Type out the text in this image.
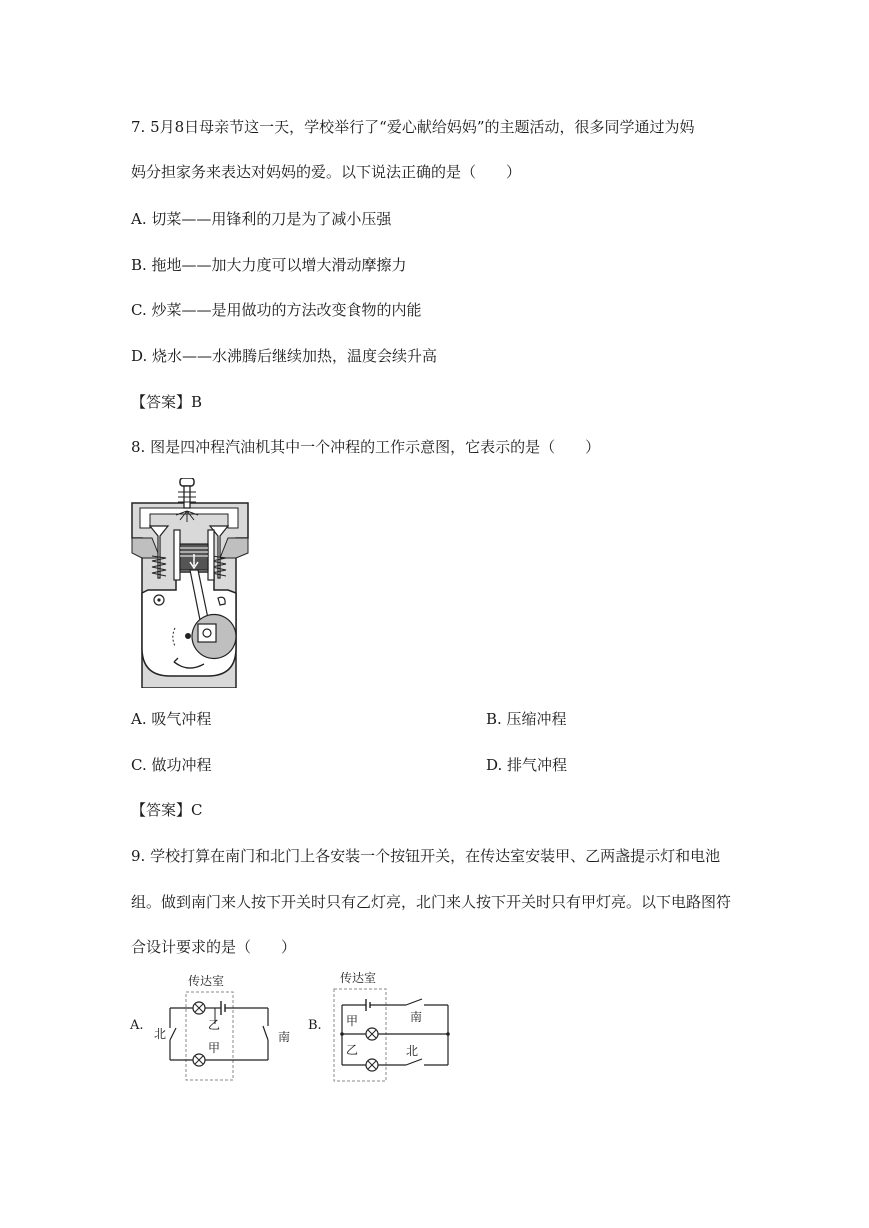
7. 5月8日母亲节这一天，学校举行了“爱心献给妈妈”的主题活动，很多同学通过为妈
妈分担家务来表达对妈妈的爱。以下说法正确的是（　　）
A. 切菜——用锋利的刀是为了减小压强
B. 拖地——加大力度可以增大滑动摩擦力
C. 炒菜——是用做功的方法改变食物的内能
D. 烧水——水沸腾后继续加热，温度会续升高
【答案】B
8. 图是四冲程汽油机其中一个冲程的工作示意图，它表示的是（　　）
A. 吸气冲程	B. 压缩冲程
C. 做功冲程	D. 排气冲程
【答案】C
9. 学校打算在南门和北门上各安装一个按钮开关，在传达室安装甲、乙两盏提示灯和电池
组。做到南门来人按下开关时只有乙灯亮，北门来人按下开关时只有甲灯亮。以下电路图符
合设计要求的是（　　）
A.
传达室
北	南
乙
甲
B.
传达室
甲
乙
南
北
